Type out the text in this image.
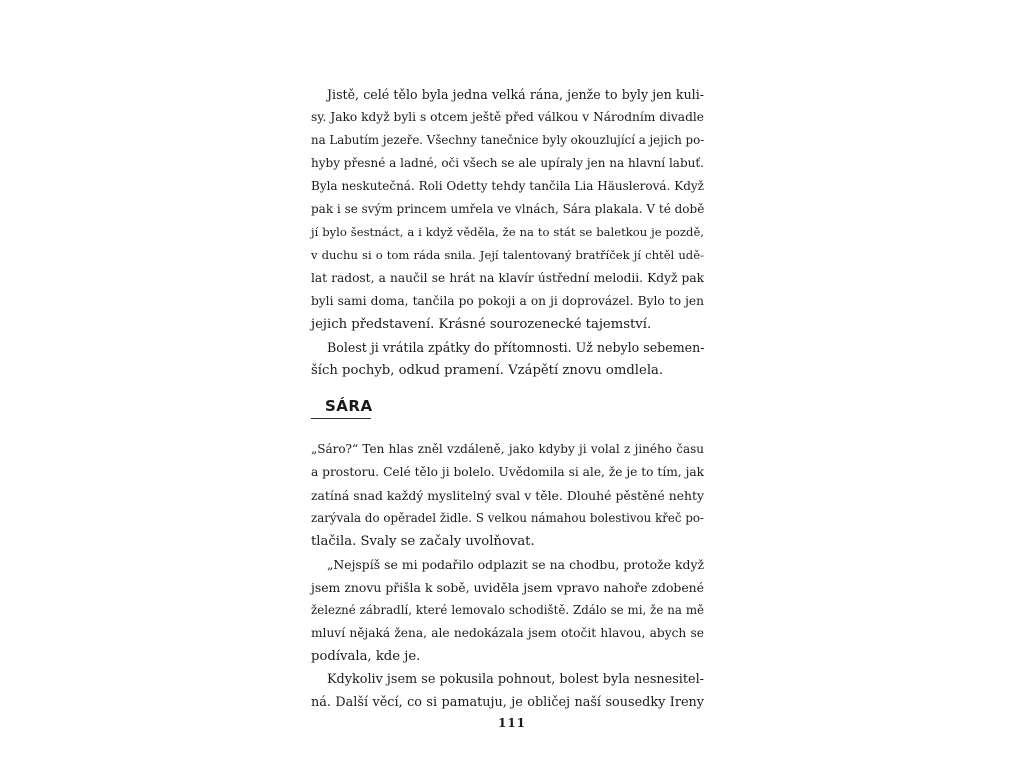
Jistě, celé tělo byla jedna velká rána, jenže to byly jen kuli-
sy. Jako když byli s otcem ještě před válkou v Národním divadle
na Labutím jezeře. Všechny tanečnice byly okouzlující a jejich po-
hyby přesné a ladné, oči všech se ale upíraly jen na hlavní labuť.
Byla neskutečná. Roli Odetty tehdy tančila Lia Häuslerová. Když
pak i se svým princem umřela ve vlnách, Sára plakala. V té době
jí bylo šestnáct, a i když věděla, že na to stát se baletkou je pozdě,
v duchu si o tom ráda snila. Její talentovaný bratříček jí chtěl udě-
lat radost, a naučil se hrát na klavír ústřední melodii. Když pak
byli sami doma, tančila po pokoji a on ji doprovázel. Bylo to jen
jejich představení. Krásné sourozenecké tajemství.
Bolest ji vrátila zpátky do přítomnosti. Už nebylo sebemen-
ších pochyb, odkud pramení. Vzápětí znovu omdlela.
SÁRA
„Sáro?“ Ten hlas zněl vzdáleně, jako kdyby ji volal z jiného času
a prostoru. Celé tělo ji bolelo. Uvědomila si ale, že je to tím, jak
zatíná snad každý myslitelný sval v těle. Dlouhé pěstěné nehty
zarývala do opěradel židle. S velkou námahou bolestivou křeč po-
tlačila. Svaly se začaly uvolňovat.
„Nejspíš se mi podařilo odplazit se na chodbu, protože když
jsem znovu přišla k sobě, uviděla jsem vpravo nahoře zdobené
železné zábradlí, které lemovalo schodiště. Zdálo se mi, že na mě
mluví nějaká žena, ale nedokázala jsem otočit hlavou, abych se
podívala, kde je.
Kdykoliv jsem se pokusila pohnout, bolest byla nesnesitel-
ná. Další věcí, co si pamatuju, je obličej naší sousedky Ireny
111
